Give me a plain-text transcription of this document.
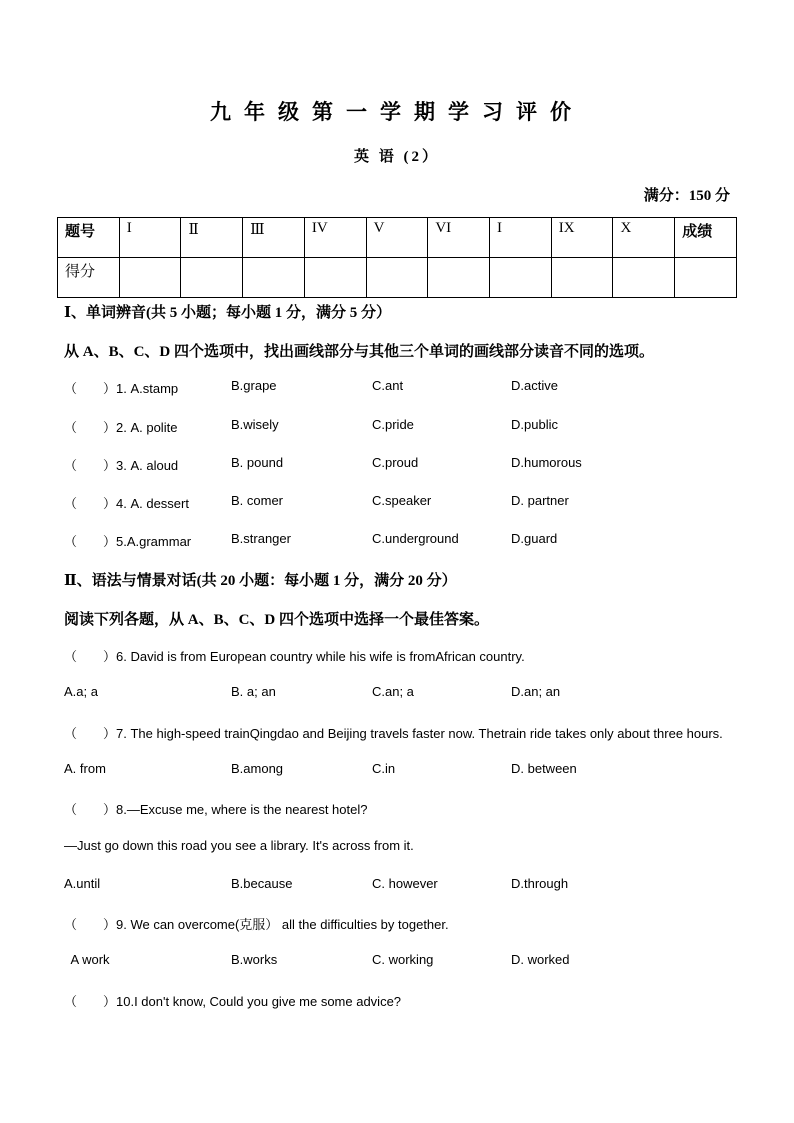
九年级第一学期学习评价
英 语 (2）
满分：150 分
题号	I	Ⅱ	Ⅲ	IV	V	VI	I	IX	X	成绩
得分										
Ⅰ、单词辨音(共 5 小题；每小题 1 分，满分 5 分）
从 A、B、C、D 四个选项中，找出画线部分与其他三个单词的画线部分读音不同的选项。
（　　）1. A.stamp	B.grape	C.ant	D.active
（　　）2. A. polite	B.wisely	C.pride	D.public
（　　）3. A. aloud	B. pound	C.proud	D.humorous
（　　）4. A. dessert	B. comer	C.speaker	D. partner
（　　）5.A.grammar	B.stranger	C.underground	D.guard
Ⅱ、语法与情景对话(共 20 小题：每小题 1 分，满分 20 分）
阅读下列各题，从 A、B、C、D 四个选项中选择一个最佳答案。
（　　）6. David is from European country while his wife is fromAfrican country.
A.a; a	B. a; an	C.an; a	D.an; an
（　　）7. The high-speed trainQingdao and Beijing travels faster now. Thetrain ride takes only about three hours.
A. from	B.among	C.in	D. between
（　　）8.—Excuse me, where is the nearest hotel?
—Just go down this road you see a library. It's across from it.
A.until	B.because	C. however	D.through
（　　）9. We can overcome(克服） all the difficulties by together.
A work	B.works	C. working	D. worked
（　　）10.I don't know, Could you give me some advice?
